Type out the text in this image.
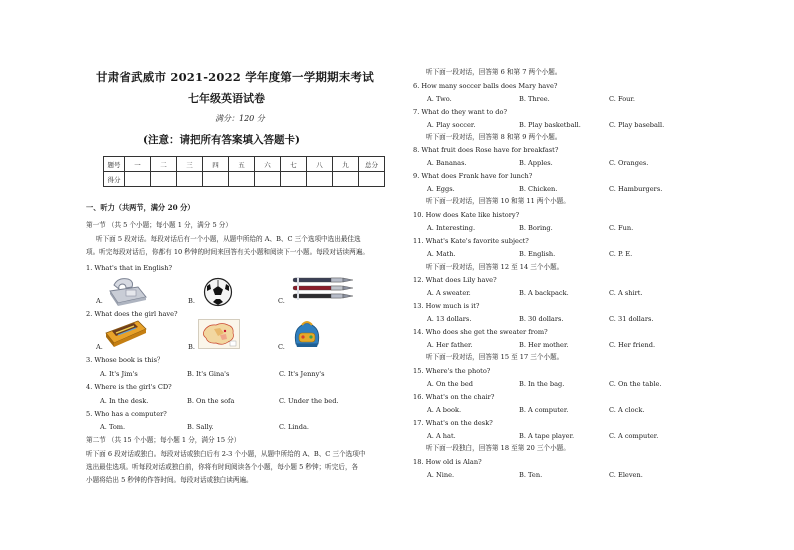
甘肃省武威市 2021-2022 学年度第一学期期末考试
七年级英语试卷
满分：120 分
(注意：请把所有答案填入答题卡)
题号	一	二	三	四	五	六	七	八	九	总分
得分										
一、听力（共两节，满分 20 分）
第一节 （共 5 个小题；每小题 1 分，满分 5 分）
听下面 5 段对话。每段对话后有一个小题，从题中所给的 A、B、C 三个选项中选出最佳选
项。听完每段对话后，你都有 10 秒钟的时间来回答有关小题和阅读下一小题。每段对话读两遍。
1. What's that in English?
A.	B.	C.
2. What does the girl have?
A.	B.	C.
3. Whose book is this？
A. It's Jim's	B. It's Gina's	C. It's Jenny's
4. Where is the girl's CD?
A. In the desk.	B. On the sofa	C. Under the bed.
5. Who has a computer?
A. Tom.	B. Sally.	C. Linda.
第二节 （共 15 个小题；每小题 1 分，满分 15 分）
听下面 6 段对话或独白。每段对话或独白后有 2-3 个小题，从题中所给的 A、B、C 三个选项中
选出最佳选项。听每段对话或独白前，你将有时间阅读各个小题，每小题 5 秒钟；听完后，各
小题将给出 5 秒钟的作答时间。每段对话或独白读两遍。
听下面一段对话，回答第 6 和第 7 两个小题。
6. How many soccer balls does Mary have?
A. Two.	B. Three.	C. Four.
7. What do they want to do?
A. Play soccer.	B. Play basketball.	C. Play baseball.
听下面一段对话，回答第 8 和第 9 两个小题。
8. What fruit does Rose have for breakfast?
A. Bananas.	B. Apples.	C. Oranges.
9. What does Frank have for lunch?
A. Eggs.	B. Chicken.	C. Hamburgers.
听下面一段对话，回答第 10 和第 11 两个小题。
10. How does Kate like history?
A. Interesting.	B. Boring.	C. Fun.
11. What's Kate's favorite subject?
A. Math.	B. English.	C. P. E.
听下面一段对话，回答第 12 至 14 三个小题。
12. What does Lily have?
A. A sweater.	B. A backpack.	C. A shirt.
13. How much is it?
A. 13 dollars.	B. 30 dollars.	C. 31 dollars.
14. Who does she get the sweater from?
A. Her father.	B. Her mother.	C. Her friend.
听下面一段对话，回答第 15 至 17 三个小题。
15. Where's the photo?
A. On the bed	B. In the bag.	C. On the table.
16. What's on the chair?
A. A book.	B. A computer.	C. A clock.
17. What's on the desk?
A. A hat.	B. A tape player.	C. A computer.
听下面一段独白，回答第 18 至第 20 三个小题。
18. How old is Alan?
A. Nine.	B. Ten.	C. Eleven.
